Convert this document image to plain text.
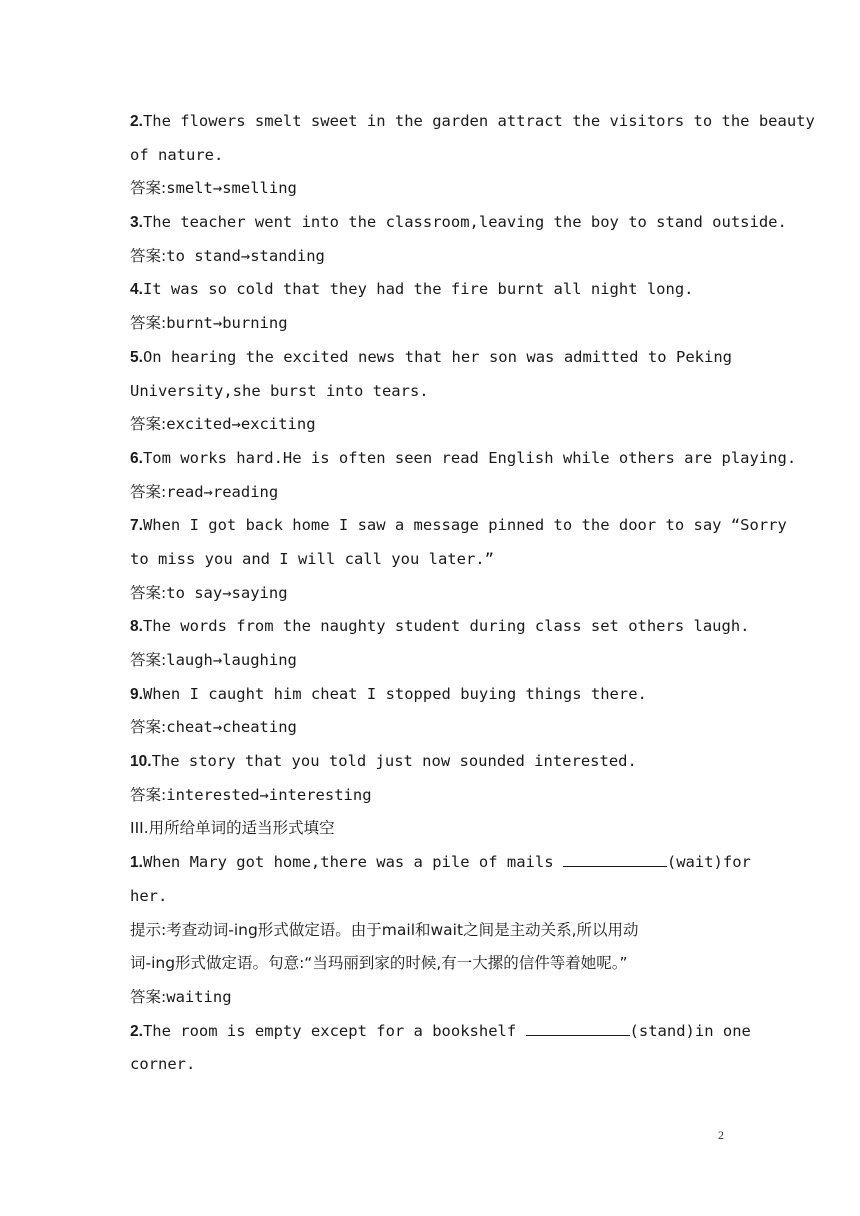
2.The flowers smelt sweet in the garden attract the visitors to the beauty
of nature.
答案:smelt→smelling
3.The teacher went into the classroom,leaving the boy to stand outside.
答案:to stand→standing
4.It was so cold that they had the fire burnt all night long.
答案:burnt→burning
5.On hearing the excited news that her son was admitted to Peking
University,she burst into tears.
答案:excited→exciting
6.Tom works hard.He is often seen read English while others are playing.
答案:read→reading
7.When I got back home I saw a message pinned to the door to say “Sorry
to miss you and I will call you later.”
答案:to say→saying
8.The words from the naughty student during class set others laugh.
答案:laugh→laughing
9.When I caught him cheat I stopped buying things there.
答案:cheat→cheating
10.The story that you told just now sounded interested.
答案:interested→interesting
III.用所给单词的适当形式填空
1.When Mary got home,there was a pile of mails	(wait)for
her.
提示:考查动词-ing形式做定语。由于mail和wait之间是主动关系,所以用动
词-ing形式做定语。句意:“当玛丽到家的时候,有一大摞的信件等着她呢。”
答案:waiting
2.The room is empty except for a bookshelf	(stand)in one
corner.
2
